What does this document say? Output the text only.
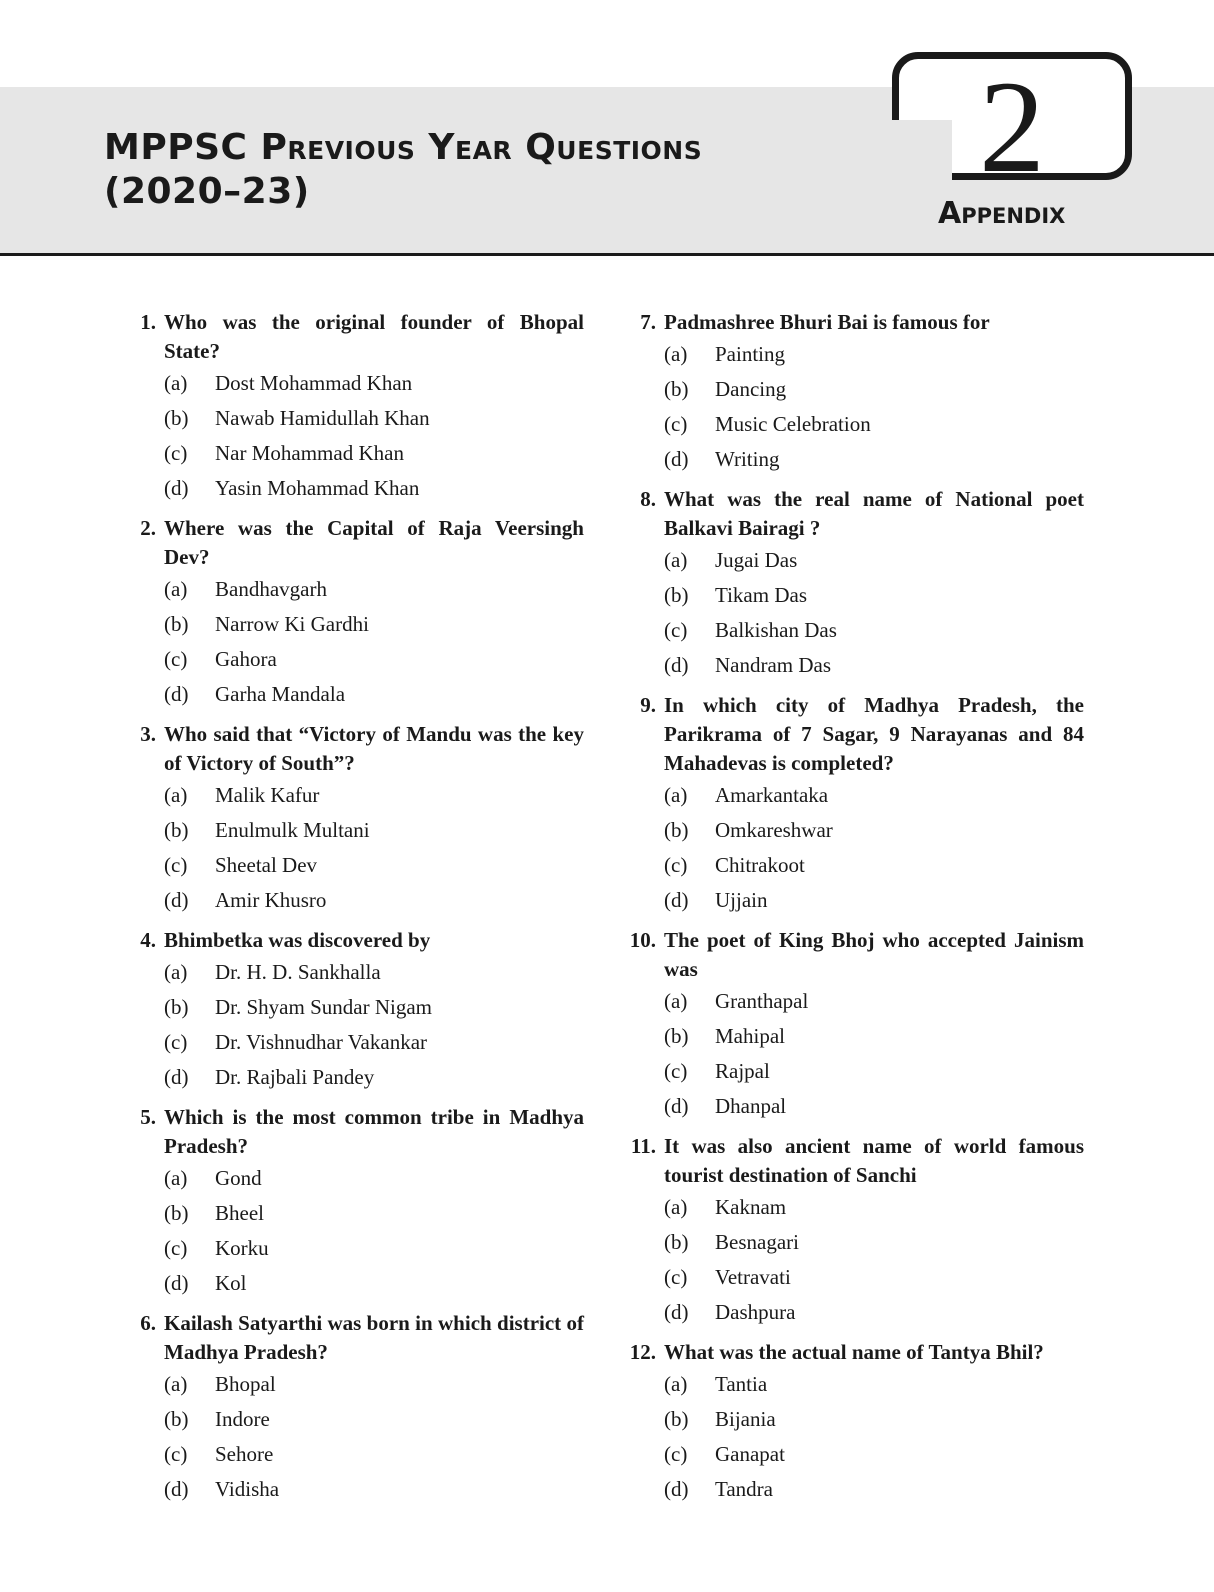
MPPSC Previous Year Questions
(2020–23)	2
Appendix
1. Who was the original founder of Bhopal State?
(a)	Dost Mohammad Khan
(b)	Nawab Hamidullah Khan
(c)	Nar Mohammad Khan
(d)	Yasin Mohammad Khan
2. Where was the Capital of Raja Veersingh Dev?
(a)	Bandhavgarh
(b)	Narrow Ki Gardhi
(c)	Gahora
(d)	Garha Mandala
3. Who said that “Victory of Mandu was the key of Victory of South”?
(a)	Malik Kafur
(b)	Enulmulk Multani
(c)	Sheetal Dev
(d)	Amir Khusro
4. Bhimbetka was discovered by
(a)	Dr. H. D. Sankhalla
(b)	Dr. Shyam Sundar Nigam
(c)	Dr. Vishnudhar Vakankar
(d)	Dr. Rajbali Pandey
5. Which is the most common tribe in Madhya Pradesh?
(a)	Gond
(b)	Bheel
(c)	Korku
(d)	Kol
6. Kailash Satyarthi was born in which district of Madhya Pradesh?
(a)	Bhopal
(b)	Indore
(c)	Sehore
(d)	Vidisha
7. Padmashree Bhuri Bai is famous for
(a)	Painting
(b)	Dancing
(c)	Music Celebration
(d)	Writing
8. What was the real name of National poet Balkavi Bairagi ?
(a)	Jugai Das
(b)	Tikam Das
(c)	Balkishan Das
(d)	Nandram Das
9. In which city of Madhya Pradesh, the Parikrama of 7 Sagar, 9 Narayanas and 84 Mahadevas is completed?
(a)	Amarkantaka
(b)	Omkareshwar
(c)	Chitrakoot
(d)	Ujjain
10. The poet of King Bhoj who accepted Jainism was
(a)	Granthapal
(b)	Mahipal
(c)	Rajpal
(d)	Dhanpal
11. It was also ancient name of world famous tourist destination of Sanchi
(a)	Kaknam
(b)	Besnagari
(c)	Vetravati
(d)	Dashpura
12. What was the actual name of Tantya Bhil?
(a)	Tantia
(b)	Bijania
(c)	Ganapat
(d)	Tandra
